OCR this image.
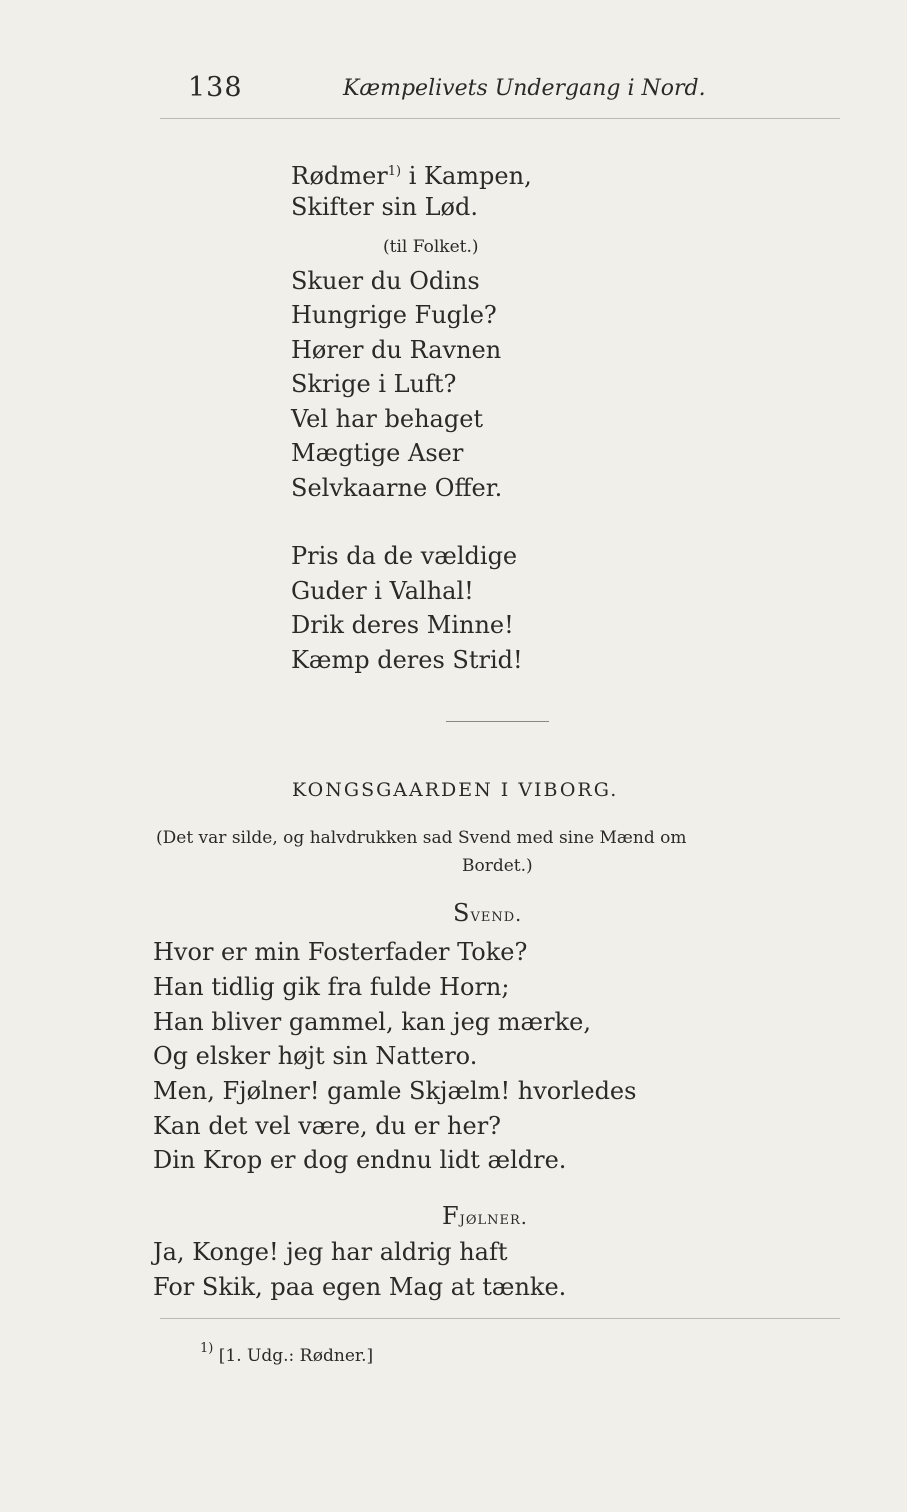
138	Kæmpelivets Undergang i Nord.
Rødmer$^{1)}$ i Kampen,
Skifter sin Lød.
(til Folket.)
Skuer du Odins
Hungrige Fugle?
Hører du Ravnen
Skrige i Luft?
Vel har behaget
Mægtige Aser
Selvkaarne Offer.
Pris da de vældige
Guder i Valhal!
Drik deres Minne!
Kæmp deres Strid!
KONGSGAARDEN I VIBORG.
(Det var silde, og halvdrukken sad Svend med sine Mænd om
Bordet.)
Svend.
Hvor er min Fosterfader Toke?
Han tidlig gik fra fulde Horn;
Han bliver gammel, kan jeg mærke,
Og elsker højt sin Nattero.
Men, Fjølner! gamle Skjælm! hvorledes
Kan det vel være, du er her?
Din Krop er dog endnu lidt ældre.
Fjølner.
Ja, Konge! jeg har aldrig haft
For Skik, paa egen Mag at tænke.
$^{1)}$ [1. Udg.: Rødner.]
